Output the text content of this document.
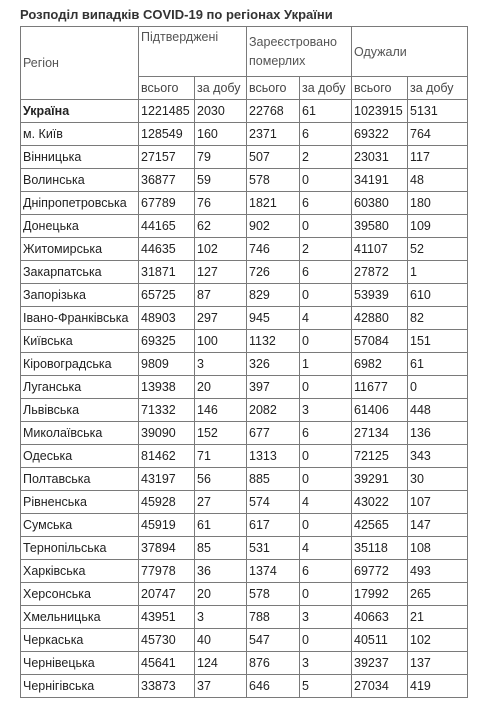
Розподіл випадків COVID-19 по регіонах України
Регіон	Підтверджені		Зареєстровано померлих		Одужали	
	всього	за добу	всього	за добу	всього	за добу
Україна	1221485	2030	22768	61	1023915	5131
м. Київ	128549	160	2371	6	69322	764
Вінницька	27157	79	507	2	23031	117
Волинська	36877	59	578	0	34191	48
Дніпропетровська	67789	76	1821	6	60380	180
Донецька	44165	62	902	0	39580	109
Житомирська	44635	102	746	2	41107	52
Закарпатська	31871	127	726	6	27872	1
Запорізька	65725	87	829	0	53939	610
Івано-Франківська	48903	297	945	4	42880	82
Київська	69325	100	1132	0	57084	151
Кіровоградська	9809	3	326	1	6982	61
Луганська	13938	20	397	0	11677	0
Львівська	71332	146	2082	3	61406	448
Миколаївська	39090	152	677	6	27134	136
Одеська	81462	71	1313	0	72125	343
Полтавська	43197	56	885	0	39291	30
Рівненська	45928	27	574	4	43022	107
Сумська	45919	61	617	0	42565	147
Тернопільська	37894	85	531	4	35118	108
Харківська	77978	36	1374	6	69772	493
Херсонська	20747	20	578	0	17992	265
Хмельницька	43951	3	788	3	40663	21
Черкаська	45730	40	547	0	40511	102
Чернівецька	45641	124	876	3	39237	137
Чернігівська	33873	37	646	5	27034	419
